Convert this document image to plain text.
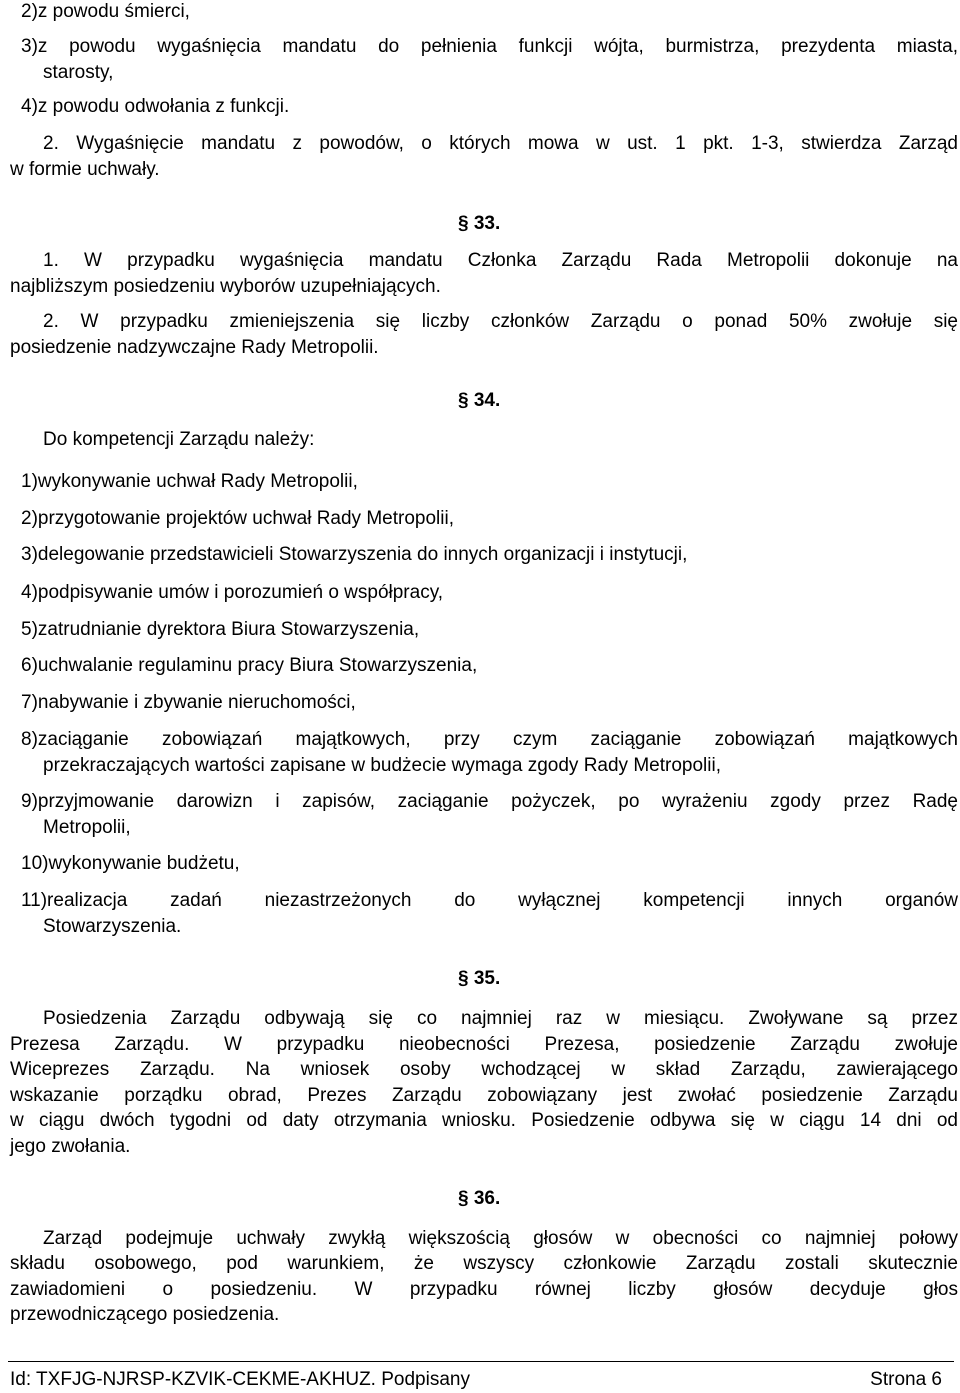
2)z powodu śmierci,
3)z powodu wygaśnięcia mandatu do pełnienia funkcji wójta, burmistrza, prezydenta miasta,
starosty,
4)z powodu odwołania z funkcji.
2. Wygaśnięcie mandatu z powodów, o których mowa w ust. 1 pkt. 1-3, stwierdza Zarząd
w formie uchwały.
§ 33.
1. W przypadku wygaśnięcia mandatu Członka Zarządu Rada Metropolii dokonuje na
najbliższym posiedzeniu wyborów uzupełniających.
2. W przypadku zmieniejszenia się liczby członków Zarządu o ponad 50% zwołuje się
posiedzenie nadzywczajne Rady Metropolii.
§ 34.
Do kompetencji Zarządu należy:
1)wykonywanie uchwał Rady Metropolii,
2)przygotowanie projektów uchwał Rady Metropolii,
3)delegowanie przedstawicieli Stowarzyszenia do innych organizacji i instytucji,
4)podpisywanie umów i porozumień o współpracy,
5)zatrudnianie dyrektora Biura Stowarzyszenia,
6)uchwalanie regulaminu pracy Biura Stowarzyszenia,
7)nabywanie i zbywanie nieruchomości,
8)zaciąganie zobowiązań majątkowych, przy czym zaciąganie zobowiązań majątkowych
przekraczających wartości zapisane w budżecie wymaga zgody Rady Metropolii,
9)przyjmowanie darowizn i zapisów, zaciąganie pożyczek, po wyrażeniu zgody przez Radę
Metropolii,
10)wykonywanie budżetu,
11)realizacja zadań niezastrzeżonych do wyłącznej kompetencji innych organów
Stowarzyszenia.
§ 35.
Posiedzenia Zarządu odbywają się co najmniej raz w miesiącu. Zwoływane są przez
Prezesa Zarządu. W przypadku nieobecności Prezesa, posiedzenie Zarządu zwołuje
Wiceprezes Zarządu. Na wniosek osoby wchodzącej w skład Zarządu, zawierającego
wskazanie porządku obrad, Prezes Zarządu zobowiązany jest zwołać posiedzenie Zarządu
w ciągu dwóch tygodni od daty otrzymania wniosku. Posiedzenie odbywa się w ciągu 14 dni od
jego zwołania.
§ 36.
Zarząd podejmuje uchwały zwykłą większością głosów w obecności co najmniej połowy
składu osobowego, pod warunkiem, że wszyscy członkowie Zarządu zostali skutecznie
zawiadomieni o posiedzeniu. W przypadku równej liczby głosów decyduje głos
przewodniczącego posiedzenia.
Id: TXFJG-NJRSP-KZVIK-CEKME-AKHUZ. Podpisany	Strona 6
